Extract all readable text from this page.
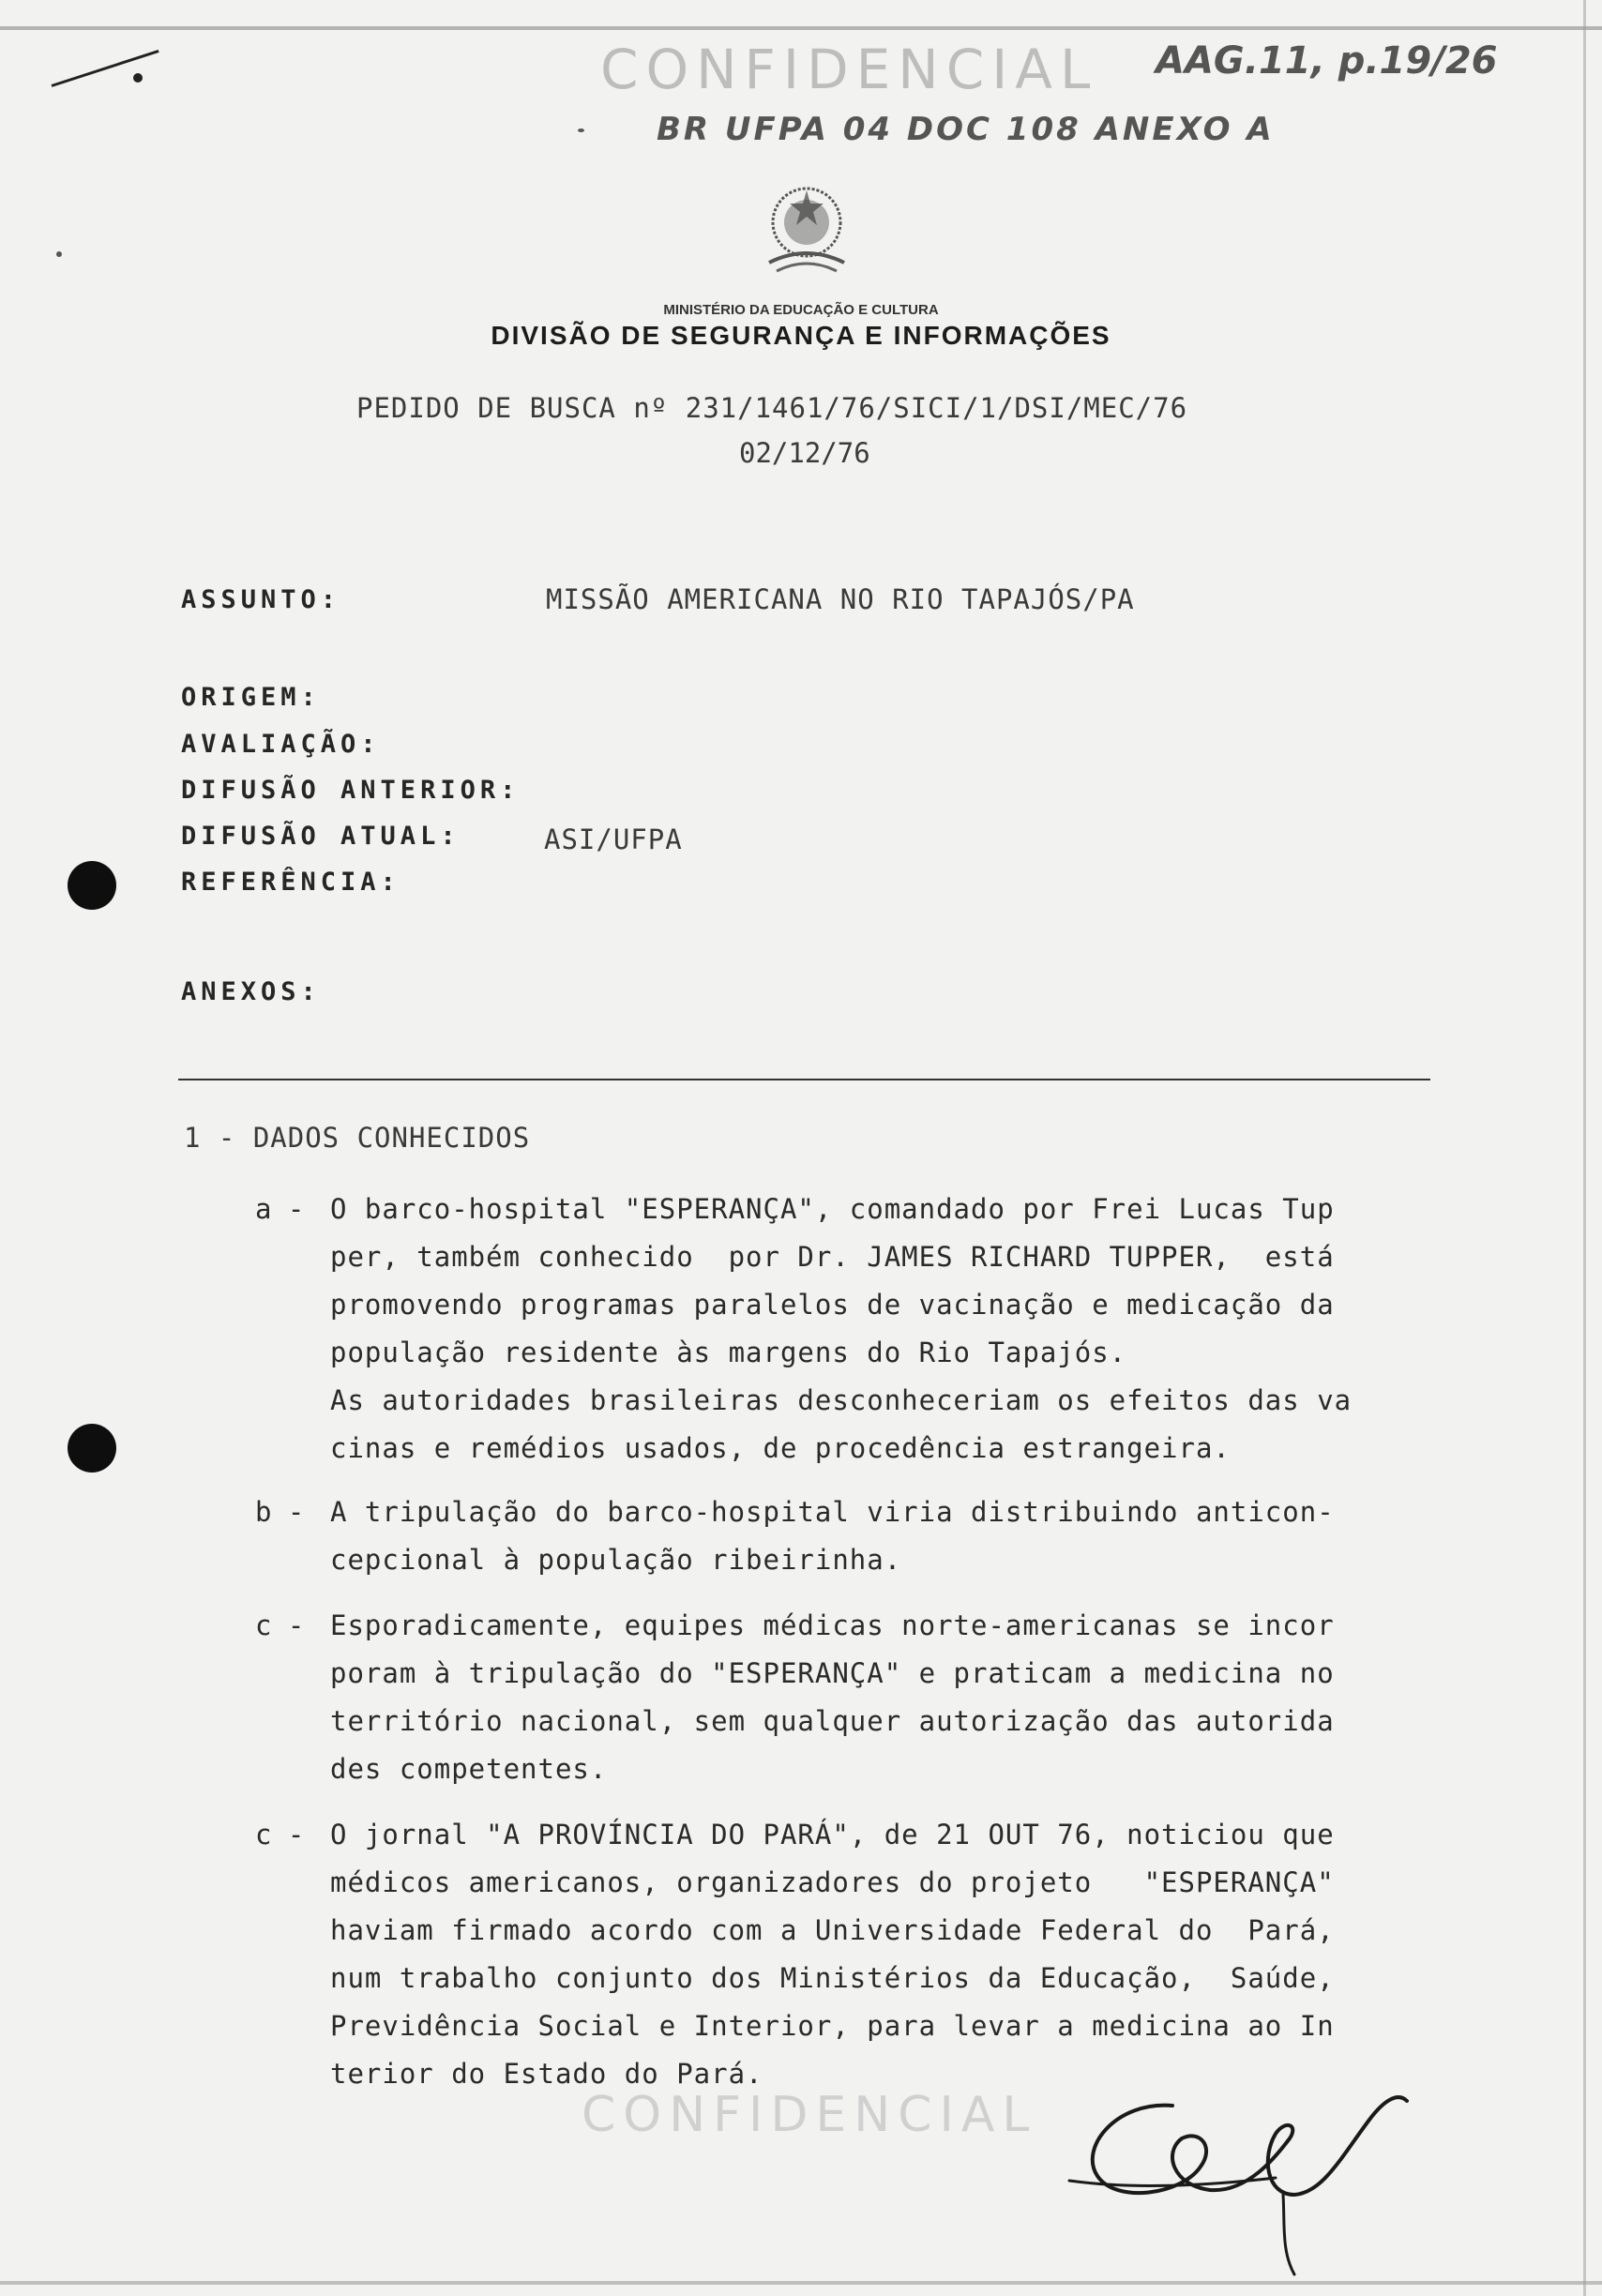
CONFIDENCIAL AAG.11, p.19/26
BR UFPA 04 DOC 108 ANEXO A
MINISTÉRIO DA EDUCAÇÃO E CULTURA
DIVISÃO DE SEGURANÇA E INFORMAÇÕES
PEDIDO DE BUSCA nº 231/1461/76/SICI/1/DSI/MEC/76
02/12/76
ASSUNTO:	MISSÃO AMERICANA NO RIO TAPAJÓS/PA
ORIGEM:
AVALIAÇÃO:
DIFUSÃO ANTERIOR:
DIFUSÃO ATUAL:	ASI/UFPA
REFERÊNCIA:
ANEXOS:
1 - DADOS CONHECIDOS
a - O barco-hospital "ESPERANÇA", comandado por Frei Lucas Tup
per, também conhecido  por Dr. JAMES RICHARD TUPPER,  está
promovendo programas paralelos de vacinação e medicação da
população residente às margens do Rio Tapajós.
As autoridades brasileiras desconheceriam os efeitos das va
cinas e remédios usados, de procedência estrangeira.
b - A tripulação do barco-hospital viria distribuindo anticon-
cepcional à população ribeirinha.
c - Esporadicamente, equipes médicas norte-americanas se incor
poram à tripulação do "ESPERANÇA" e praticam a medicina no
território nacional, sem qualquer autorização das autorida
des competentes.
c - O jornal "A PROVÍNCIA DO PARÁ", de 21 OUT 76, noticiou que
médicos americanos, organizadores do projeto   "ESPERANÇA"
haviam firmado acordo com a Universidade Federal do  Pará,
num trabalho conjunto dos Ministérios da Educação,  Saúde,
Previdência Social e Interior, para levar a medicina ao In
terior do Estado do Pará.
CONFIDENCIAL
